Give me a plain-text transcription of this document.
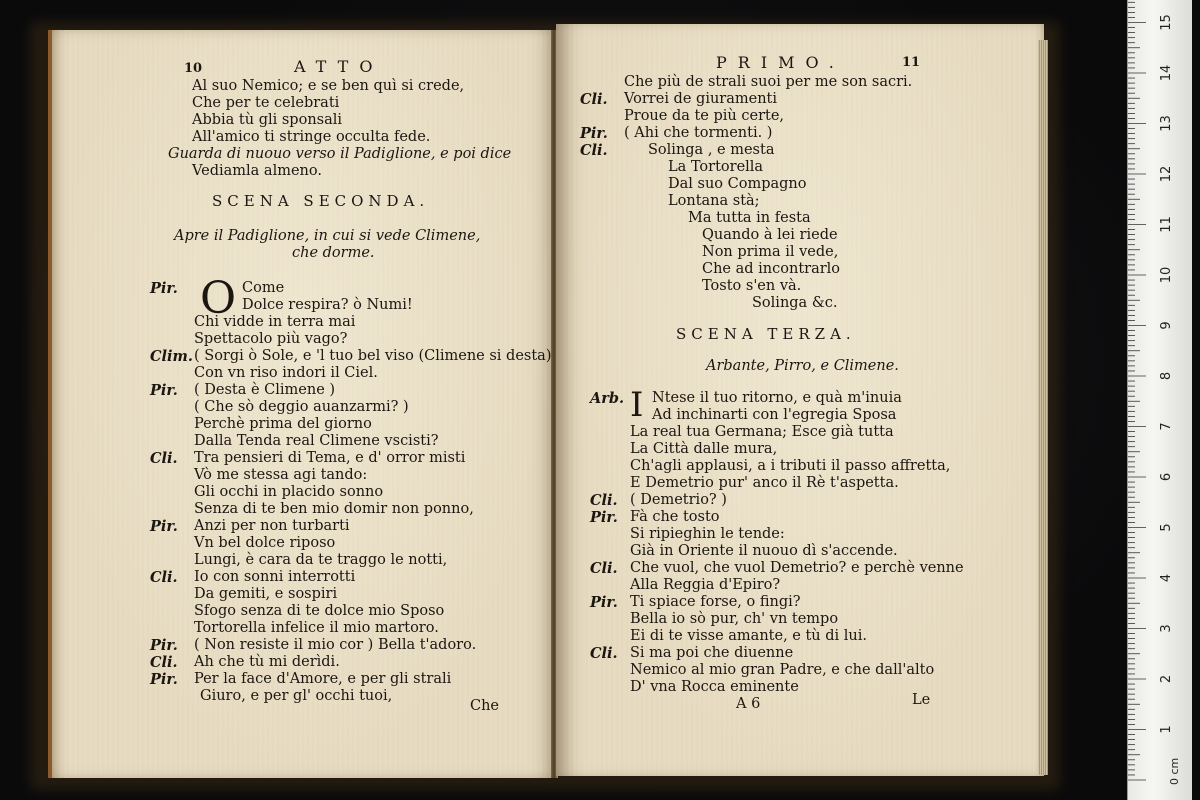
10	ATTO
Al suo Nemico; e se ben quì si crede,
Che per te celebrati
Abbia tù gli sponsali
All'amico ti stringe occulta fede.
Guarda di nuouo verso il Padiglione, e poi dice
Vediamla almeno.
SCENA SECONDA.
Apre il Padiglione, in cui si vede Climene,
che dorme.
O
Pir.	Come
Dolce respira? ò Numi!
Chi vidde in terra mai
Spettacolo più vago?
Clim. ( Sorgi ò Sole, e 'l tuo bel viso (Climene si desta)
Con vn riso indori il Ciel.
Pir. ( Desta è Climene )
( Che sò deggio auanzarmi? )
Perchè prima del giorno
Dalla Tenda real Climene vscisti?
Cli. Tra pensieri di Tema, e d' orror misti
Vò me stessa agi tando:
Gli occhi in placido sonno
Senza di te ben mio domir non ponno,
Pir. Anzi per non turbarti
Vn bel dolce riposo
Lungi, è cara da te traggo le notti,
Cli. Io con sonni interrotti
Da gemiti, e sospiri
Sfogo senza di te dolce mio Sposo
Tortorella infelice il mio martoro.
Pir. ( Non resiste il mio cor ) Bella t'adoro.
Cli. Ah che tù mi derìdi.
Pir. Per la face d'Amore, e per gli strali
Giuro, e per gl' occhi tuoi,
Che
PRIMO.	11
Che più de strali suoi per me son sacri.
Cli. Vorrei de giuramenti
Proue da te più certe,
Pir. ( Ahi che tormenti. )
Cli.	Solinga , e mesta
La Tortorella
Dal suo Compagno
Lontana stà;
Ma tutta in festa
Quando à lei riede
Non prima il vede,
Che ad incontrarlo
Tosto s'en và.
Solinga &c.
SCENA TERZA.
Arbante, Pirro, e Climene.
I
Arb. Ntese il tuo ritorno, e quà m'inuia
Ad inchinarti con l'egregia Sposa
La real tua Germana; Esce già tutta
La Città dalle mura,
Ch'agli applausi, a i tributi il passo affretta,
E Demetrio pur' anco il Rè t'aspetta.
Cli. ( Demetrio? )
Pir. Fà che tosto
Si ripieghin le tende:
Già in Oriente il nuouo dì s'accende.
Cli. Che vuol, che vuol Demetrio? e perchè venne
Alla Reggia d'Epiro?
Pir. Ti spiace forse, o fingi?
Bella io sò pur, ch' vn tempo
Ei di te visse amante, e tù di lui.
Cli. Si ma poi che diuenne
Nemico al mio gran Padre, e che dall'alto
D' vna Rocca eminente
A 6	Le
0 cm
1
2
3
4
5
6
7
8
9
10
11
12
13
14
15
